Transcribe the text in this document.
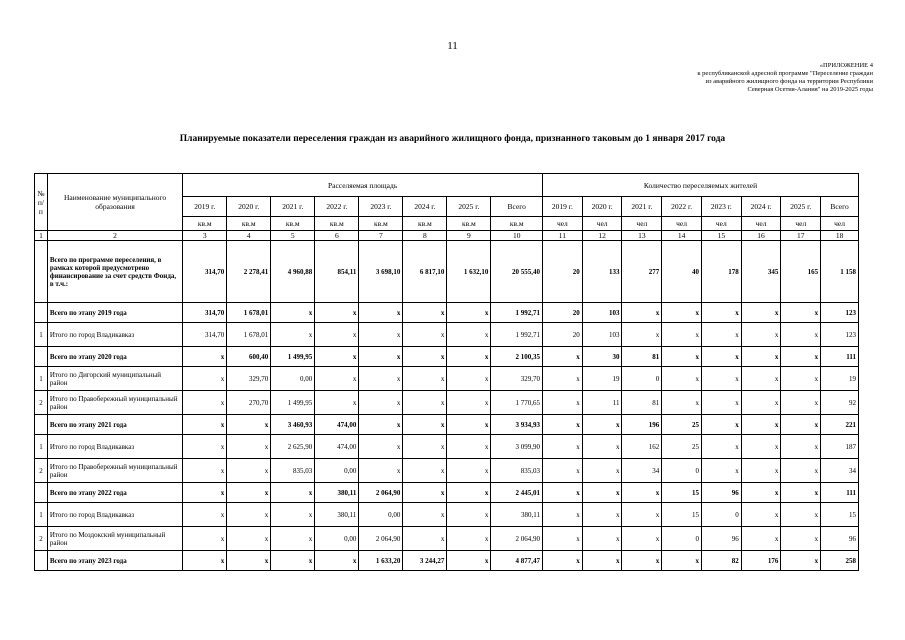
11
«ПРИЛОЖЕНИЕ 4
к республиканской адресной программе "Переселение граждан
из аварийного жилищного фонда на территории Республики
Северная Осетия-Алания" на 2019-2025 годы
Планируемые показатели переселения граждан из аварийного жилищного фонда, признанного таковым до 1 января 2017 года
№ п/п	Наименование муниципального образования	Расселяемая площадь								Количество переселяемых жителей							
		2019 г.	2020 г.	2021 г.	2022 г.	2023 г.	2024 г.	2025 г.	Всего	2019 г.	2020 г.	2021 г.	2022 г.	2023 г.	2024 г.	2025 г.	Всего
		кв.м	кв.м	кв.м	кв.м	кв.м	кв.м	кв.м	кв.м	чел	чел	чел	чел	чел	чел	чел	чел
1	2	3	4	5	6	7	8	9	10	11	12	13	14	15	16	17	18
	Всего по программе переселения, в рамках которой предусмотрено финансирование за счет средств Фонда, в т.ч.:	314,70	2 278,41	4 960,88	854,11	3 698,10	6 817,10	1 632,10	20 555,40	20	133	277	40	178	345	165	1 158
	Всего по этапу 2019 года	314,70	1 678,01	x	x	x	x	x	1 992,71	20	103	x	x	x	x	x	123
1	Итого по город Владикавказ	314,70	1 678,01	x	x	x	x	x	1 992,71	20	103	x	x	x	x	x	123
	Всего по этапу 2020 года	x	600,40	1 499,95	x	x	x	x	2 100,35	x	30	81	x	x	x	x	111
1	Итого по Дигорский муниципальный район	x	329,70	0,00	x	x	x	x	329,70	x	19	0	x	x	x	x	19
2	Итого по Правобережный муниципальный район	x	270,70	1 499,95	x	x	x	x	1 770,65	x	11	81	x	x	x	x	92
	Всего по этапу 2021 года	x	x	3 460,93	474,00	x	x	x	3 934,93	x	x	196	25	x	x	x	221
1	Итого по город Владикавказ	x	x	2 625,90	474,00	x	x	x	3 099,90	x	x	162	25	x	x	x	187
2	Итого по Правобережный муниципальный район	x	x	835,03	0,00	x	x	x	835,03	x	x	34	0	x	x	x	34
	Всего по этапу 2022 года	x	x	x	380,11	2 064,90	x	x	2 445,01	x	x	x	15	96	x	x	111
1	Итого по город Владикавказ	x	x	x	380,11	0,00	x	x	380,11	x	x	x	15	0	x	x	15
2	Итого по Моздокский муниципальный район	x	x	x	0,00	2 064,90	x	x	2 064,90	x	x	x	0	96	x	x	96
	Всего по этапу 2023 года	x	x	x	x	1 633,20	3 244,27	x	4 877,47	x	x	x	x	82	176	x	258
